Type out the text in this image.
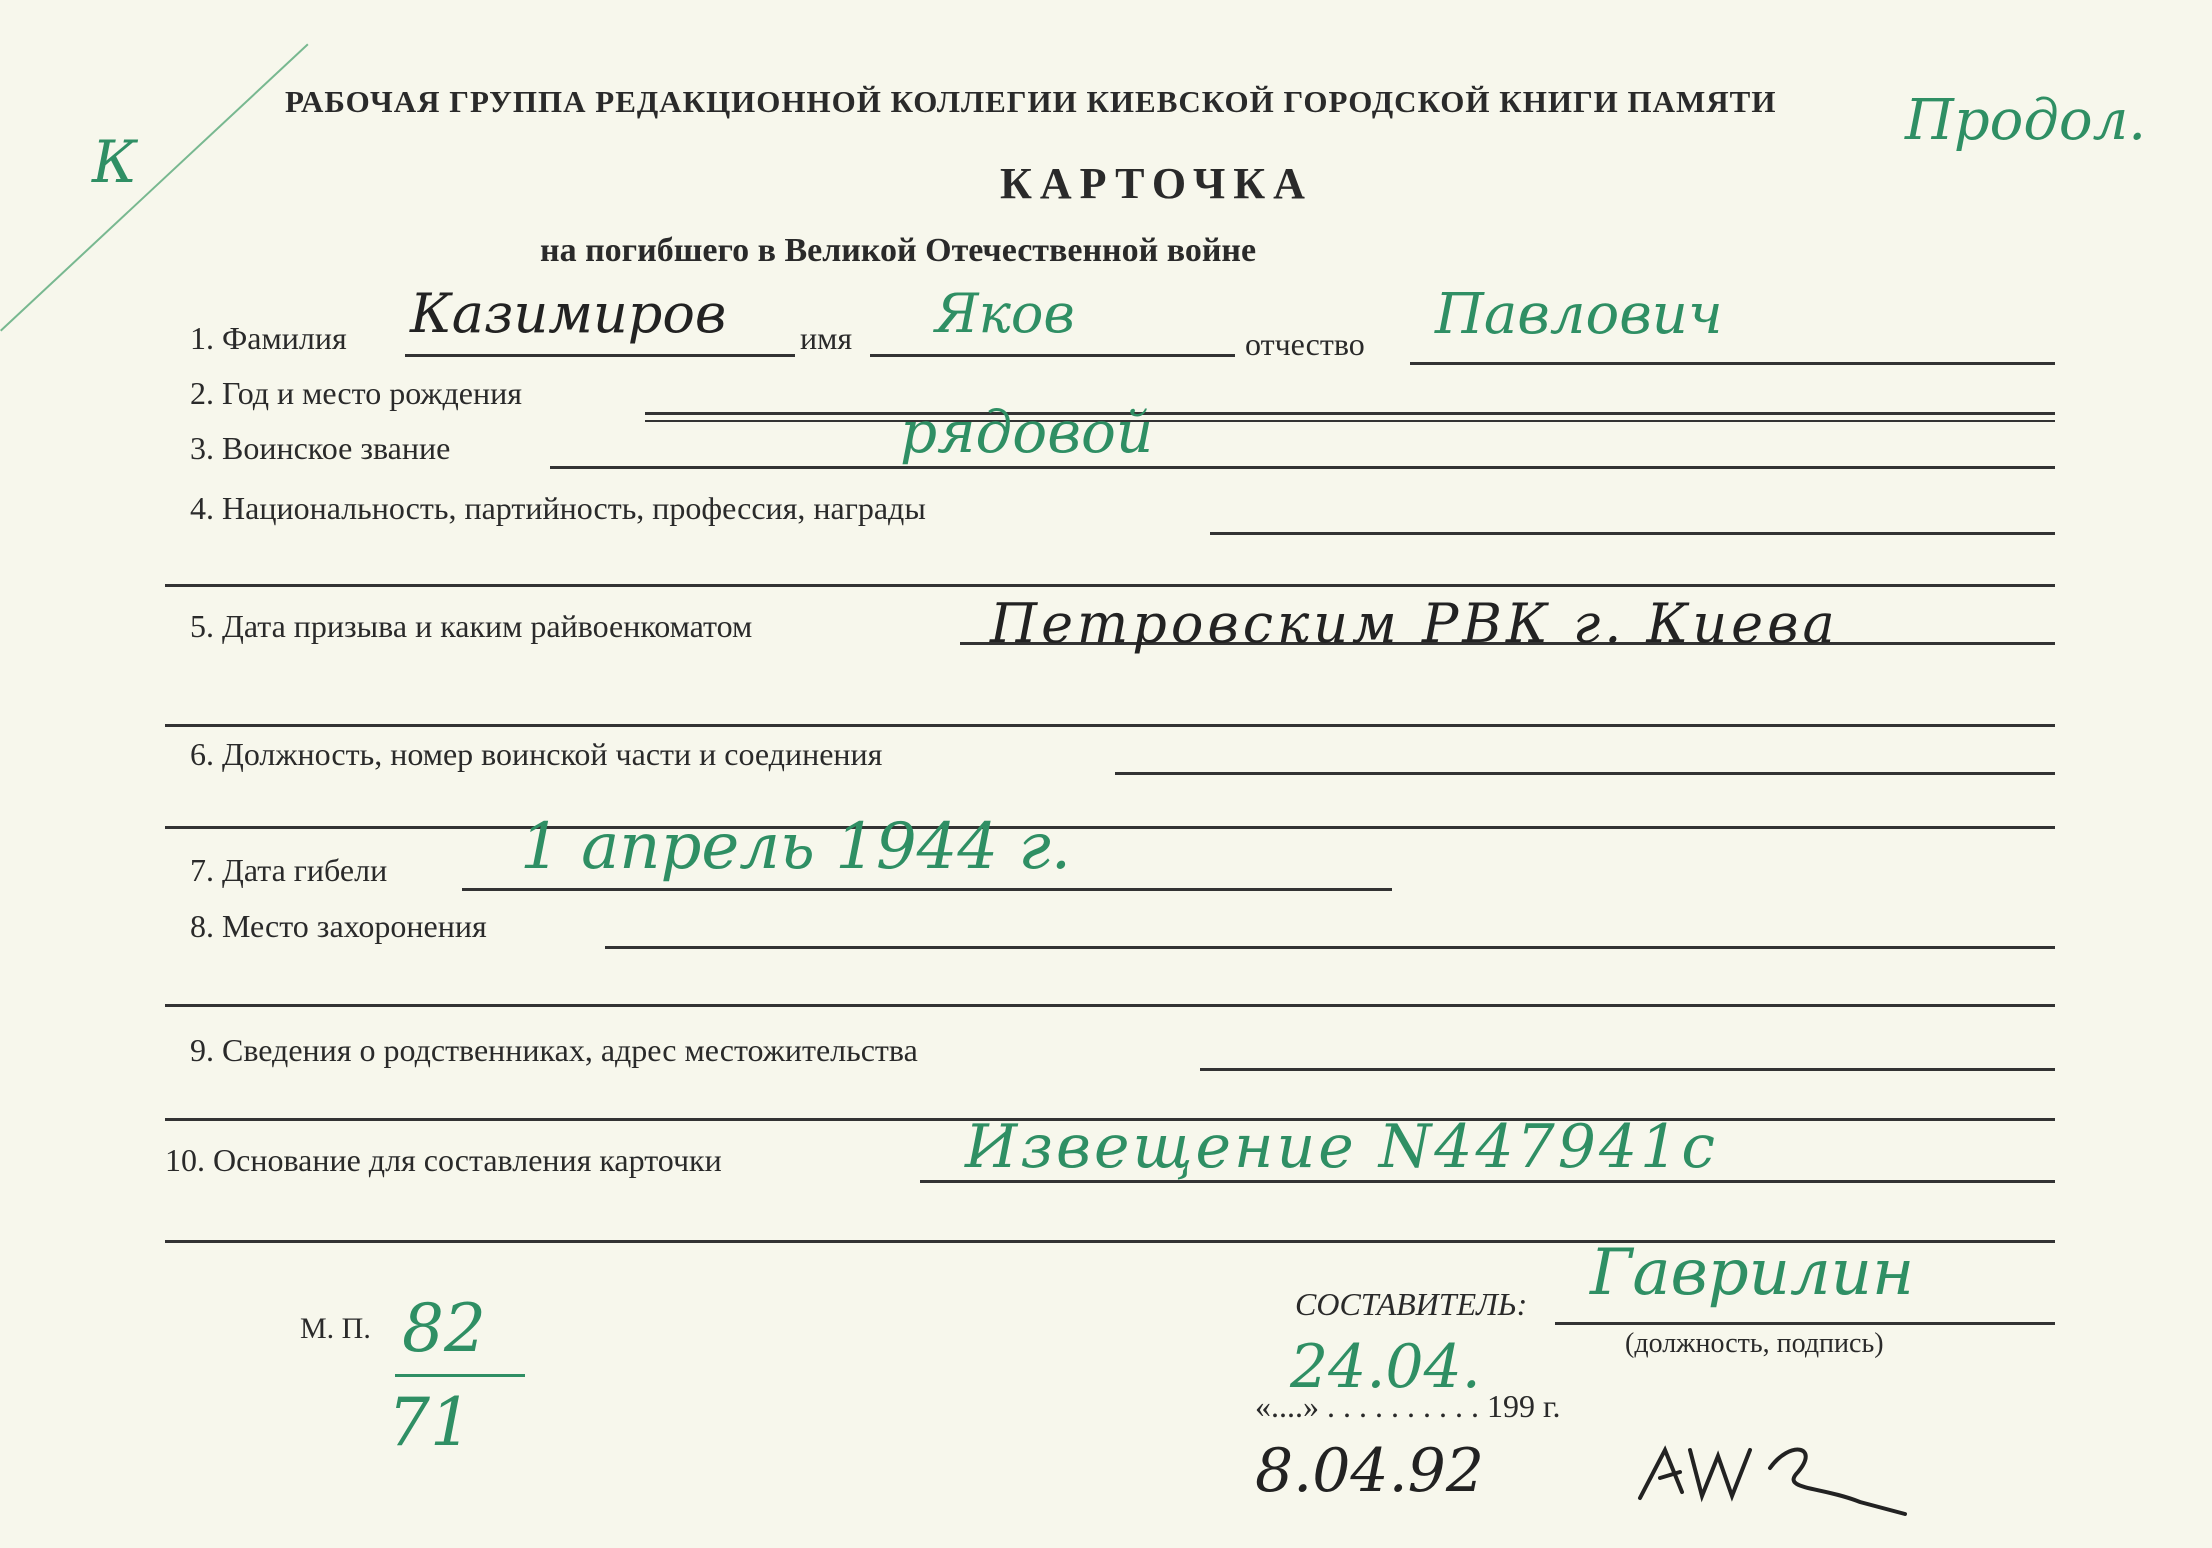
К
Продол.
РАБОЧАЯ ГРУППА РЕДАКЦИОННОЙ КОЛЛЕГИИ КИЕВСКОЙ ГОРОДСКОЙ КНИГИ ПАМЯТИ
КАРТОЧКА
на погибшего в Великой Отечественной войне
1. Фамилия Казимиров имя Яков	отчество Павлович
2. Год и место рождения
3. Воинское звание	рядовой
4. Национальность, партийность, профессия, награды
5. Дата призыва и каким райвоенкоматом	Петровским РВК г. Киева
6. Должность, номер воинской части и соединения
7. Дата гибели 1 апрель 1944 г.
8. Место захоронения
9. Сведения о родственниках, адрес местожительства
10. Основание для составления карточки	Извещение N447941с
М. П. 82
71
СОСТАВИТЕЛЬ: Гаврилин
(должность, подпись)
24.04.
«....» . . . . . . . . . . 199 г.
8.04.92
